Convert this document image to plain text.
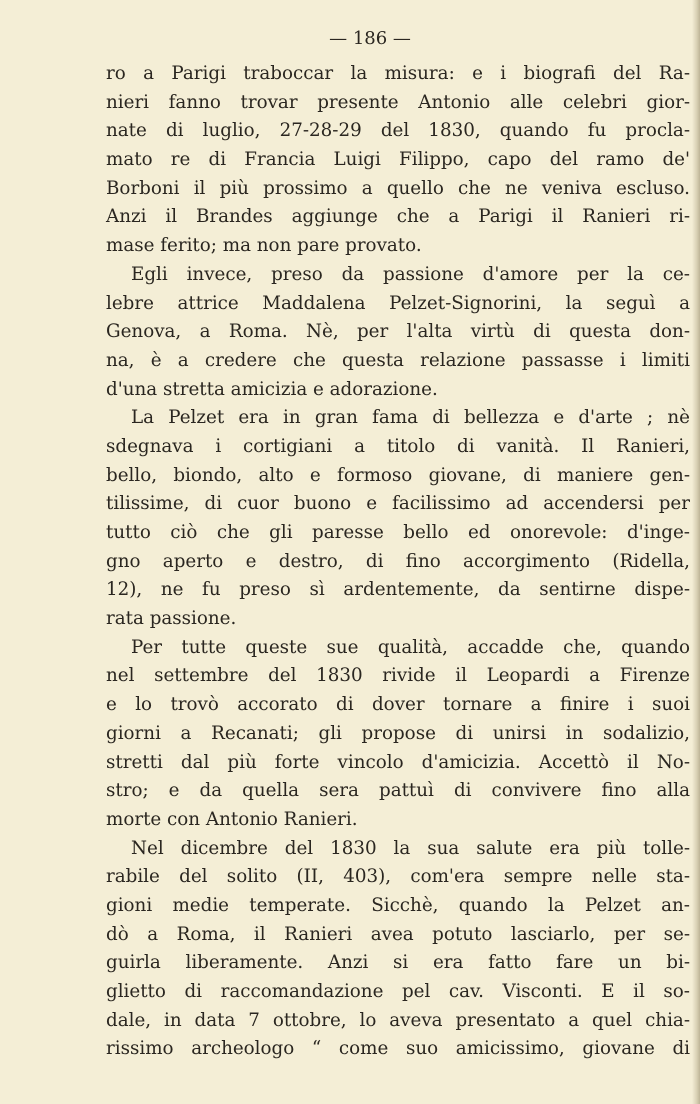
— 186 —
ro a Parigi traboccar la misura: e i biografi del Ra-
nieri fanno trovar presente Antonio alle celebri gior-
nate di luglio, 27-28-29 del 1830, quando fu procla-
mato re di Francia Luigi Filippo, capo del ramo de'
Borboni il più prossimo a quello che ne veniva escluso.
Anzi il Brandes aggiunge che a Parigi il Ranieri ri-
mase ferito; ma non pare provato.
Egli invece, preso da passione d'amore per la ce-
lebre attrice Maddalena Pelzet-Signorini, la seguì a
Genova, a Roma. Nè, per l'alta virtù di questa don-
na, è a credere che questa relazione passasse i limiti
d'una stretta amicizia e adorazione.
La Pelzet era in gran fama di bellezza e d'arte ; nè
sdegnava i cortigiani a titolo di vanità. Il Ranieri,
bello, biondo, alto e formoso giovane, di maniere gen-
tilissime, di cuor buono e facilissimo ad accendersi per
tutto ciò che gli paresse bello ed onorevole: d'inge-
gno aperto e destro, di fino accorgimento (Ridella,
12), ne fu preso sì ardentemente, da sentirne dispe-
rata passione.
Per tutte queste sue qualità, accadde che, quando
nel settembre del 1830 rivide il Leopardi a Firenze
e lo trovò accorato di dover tornare a finire i suoi
giorni a Recanati; gli propose di unirsi in sodalizio,
stretti dal più forte vincolo d'amicizia. Accettò il No-
stro; e da quella sera pattuì di convivere fino alla
morte con Antonio Ranieri.
Nel dicembre del 1830 la sua salute era più tolle-
rabile del solito (II, 403), com'era sempre nelle sta-
gioni medie temperate. Sicchè, quando la Pelzet an-
dò a Roma, il Ranieri avea potuto lasciarlo, per se-
guirla liberamente. Anzi si era fatto fare un bi-
glietto di raccomandazione pel cav. Visconti. E il so-
dale, in data 7 ottobre, lo aveva presentato a quel chia-
rissimo archeologo “ come suo amicissimo, giovane di
